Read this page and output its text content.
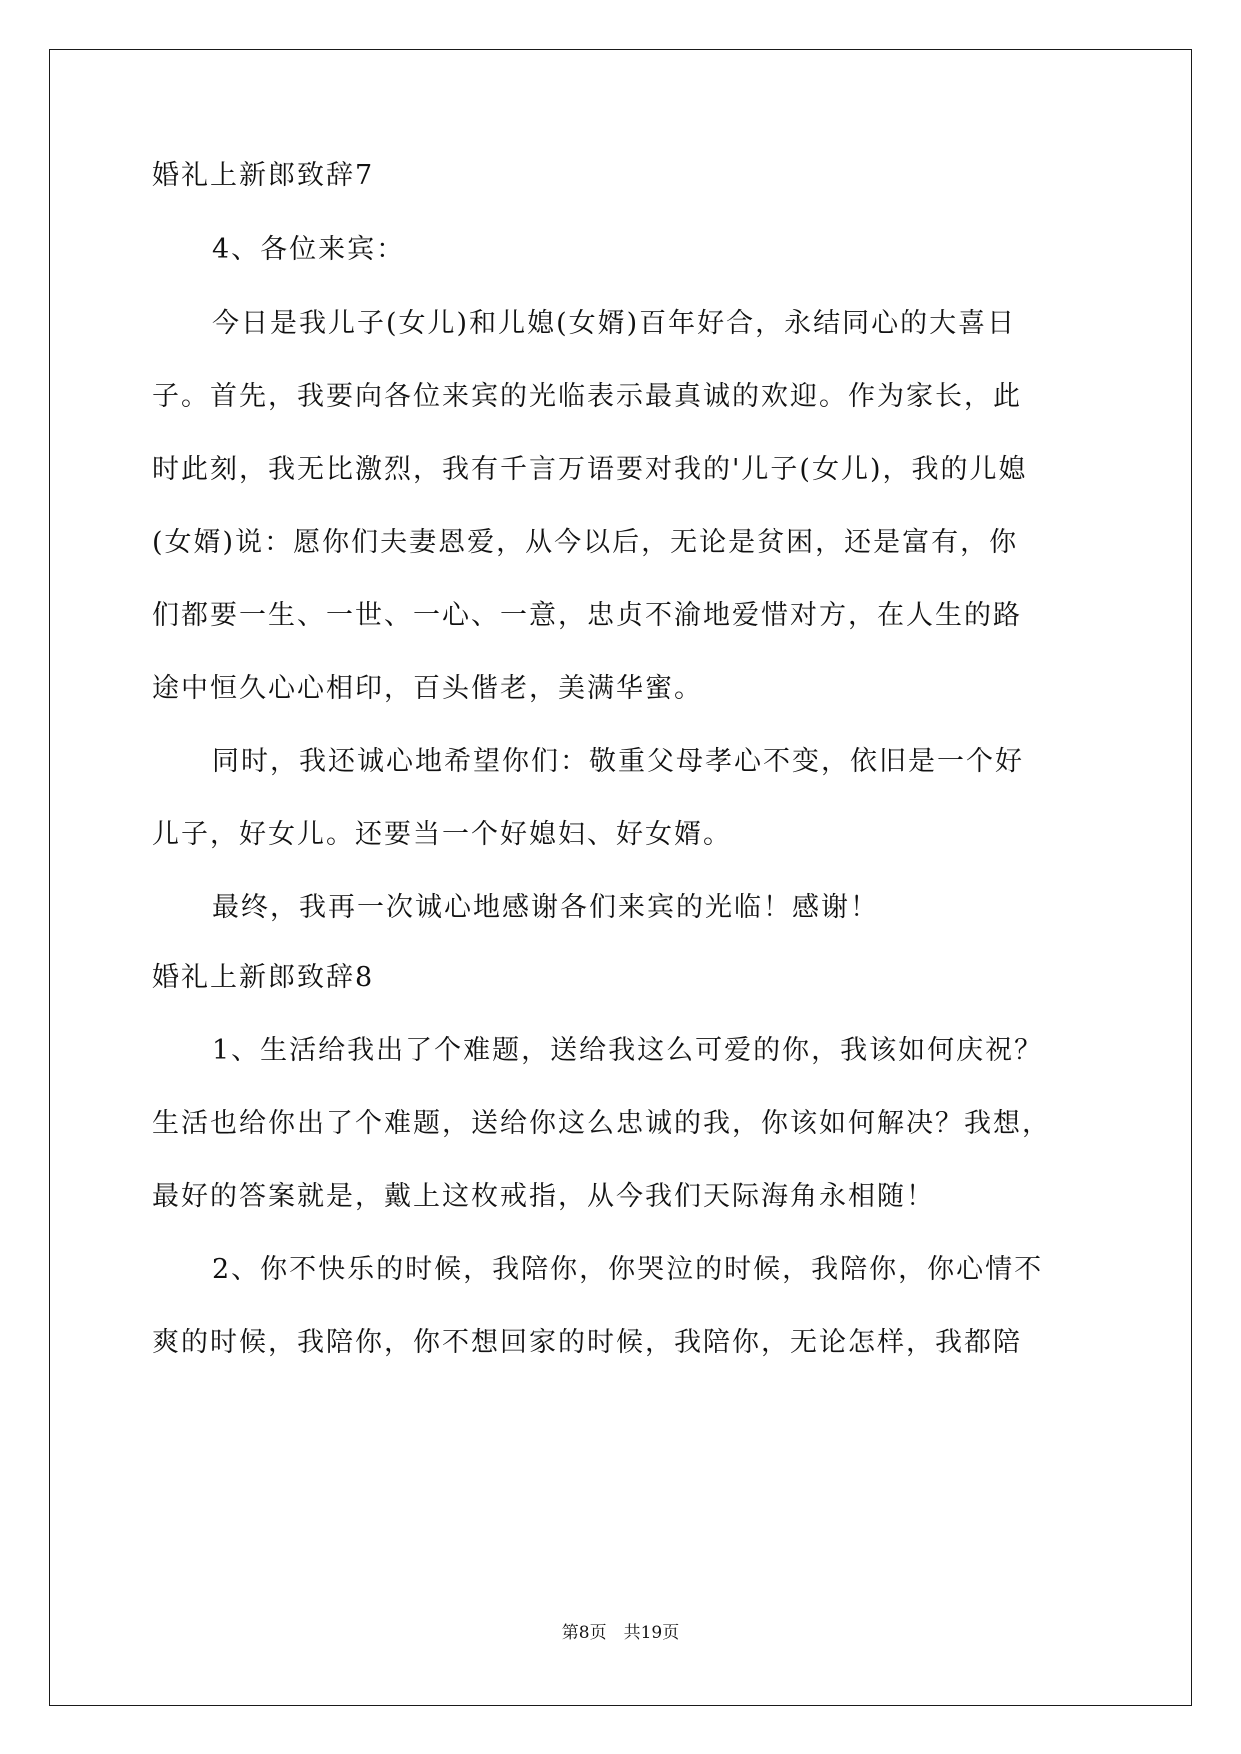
婚礼上新郎致辞7
4、各位来宾：
今日是我儿子(女儿)和儿媳(女婿)百年好合，永结同心的大喜日
子。首先，我要向各位来宾的光临表示最真诚的欢迎。作为家长，此
时此刻，我无比激烈，我有千言万语要对我的'儿子(女儿)，我的儿媳
(女婿)说：愿你们夫妻恩爱，从今以后，无论是贫困，还是富有，你
们都要一生、一世、一心、一意，忠贞不渝地爱惜对方，在人生的路
途中恒久心心相印，百头偕老，美满华蜜。
同时，我还诚心地希望你们：敬重父母孝心不变，依旧是一个好
儿子，好女儿。还要当一个好媳妇、好女婿。
最终，我再一次诚心地感谢各们来宾的光临！感谢！
婚礼上新郎致辞8
1、生活给我出了个难题，送给我这么可爱的你，我该如何庆祝？
生活也给你出了个难题，送给你这么忠诚的我，你该如何解决？我想，
最好的答案就是，戴上这枚戒指，从今我们天际海角永相随！
2、你不快乐的时候，我陪你，你哭泣的时候，我陪你，你心情不
爽的时候，我陪你，你不想回家的时候，我陪你，无论怎样，我都陪
第8页　共19页
